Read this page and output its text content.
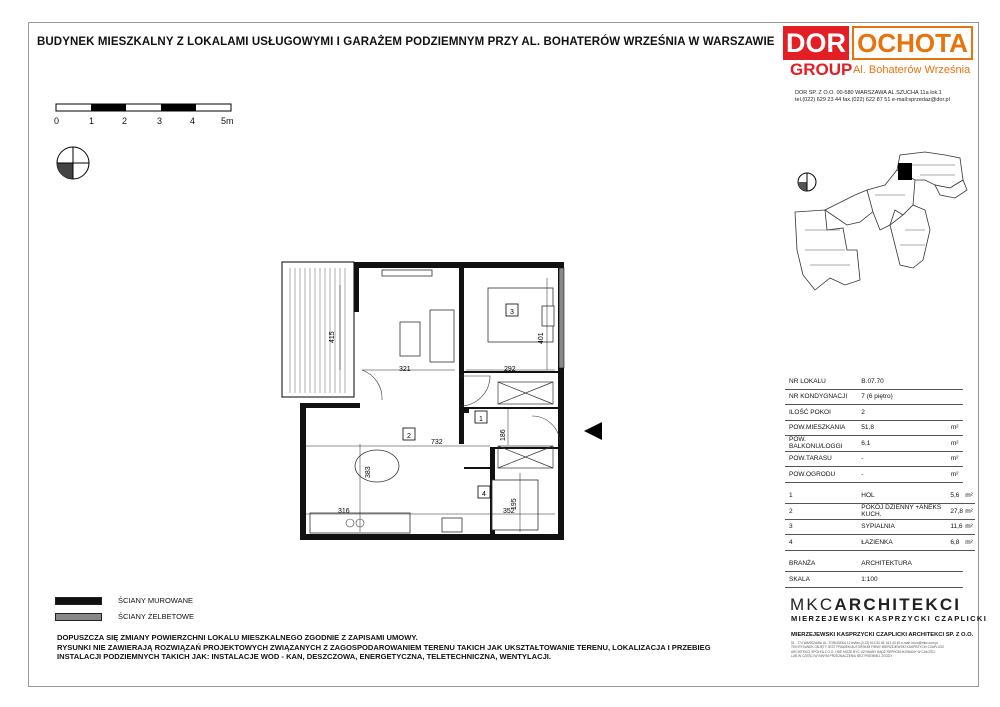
BUDYNEK MIESZKALNY Z LOKALAMI USŁUGOWYMI I GARAŻEM PODZIEMNYM PRZY AL. BOHATERÓW WRZEŚNIA W WARSZAWIE DOR OCHOTA
GROUP Al. Bohaterów Września
DOR SP. Z O.O. 00-580 WARSZAWA AL.SZUCHA 11a lok.1
tel.(022) 629 23 44 fax.(022) 622 87 51 e-mail:sprzedaz@dor.pl
0	1	2	3	4	5m
415
321	292
401
732
186
383
316	352
195
1
2
3
4
NR LOKALU	B.07.70		
NR KONDYGNACJI	7 (6 piętro)		
ILOŚĆ POKOI	2		
POW.MIESZKANIA	51,8	m²	
POW. BALKONU/LOGGI	6,1	m²	
POW.TARASU	-	m²	
POW.OGRODU	-	m²	

1	HOL	5,6	m²
2	POKÓJ DZIENNY +ANEKS KUCH.	27,8	m²
3	SYPIALNIA	11,6	m²
4	ŁAZIENKA	6,8	m²

BRANŻA	ARCHITEKTURA		
SKALA	1:100		
ŚCIANY MUROWANE
ŚCIANY ŻELBETOWE
DOPUSZCZA SIĘ ZMIANY POWIERZCHNI LOKALU MIESZKALNEGO ZGODNIE Z ZAPISAMI UMOWY.
RYSUNKI NIE ZAWIERAJĄ ROZWIĄZAŃ PROJEKTOWYCH ZWIĄZANYCH Z ZAGOSPODAROWANIEM TERENU TAKICH JAK UKSZTAŁTOWANIE TERENU, LOKALIZACJA I PRZEBIEG
INSTALACJI PODZIEMNYCH TAKICH JAK: INSTALACJE WOD - KAN, DESZCZOWA, ENERGETYCZNA, TELETECHNICZNA, WENTYLACJI.
MKCARCHITEKCI
MIERZEJEWSKI KASPRZYCKI CZAPLICKI
MIERZEJEWSKI KASPRZYCKI CZAPLICKI ARCHITEKCI SP. Z O.O.
01 - 774 WARSZAWA UL. TORUŃSKA 12 tel/fax (0-22) 613 44 45, 613 40 40 e-mail: biuro@mkc.com.pl
TEN RYSUNEK OBJĘTY JEST PRAWEM AUTORSKIM FIRMY MIERZEJEWSKI KASPRZYCKI CZAPLICKI
ARCHITEKCI SPÓŁKA Z O.O. I NIE MOŻE BYĆ UŻYWANY BĄDŹ REPRODUKOWANY W CAŁOŚCI
LUB W CZĘŚCI W INNYM PRZEZNACZENIU BEZ PISEMNEJ ZGODY
